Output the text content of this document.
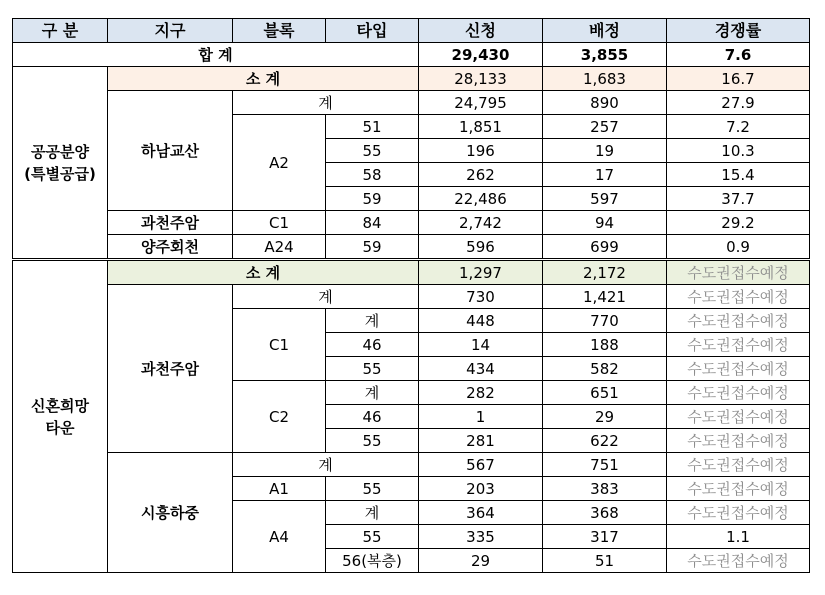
구 분	지구	블록	타입	신청	배정	경쟁률
합 계				29,430	3,855	7.6

공공분양
(특별공급)	소 계			28,133	1,683	16.7
	하남교산	계		24,795	890	27.9
		A2	51	1,851	257	7.2
			55	196	19	10.3
			58	262	17	15.4
			59	22,486	597	37.7
	과천주암	C1	84	2,742	94	29.2
	양주회천	A24	59	596	699	0.9

신혼희망
타운	소 계			1,297	2,172	수도권접수예정
	과천주암	계		730	1,421	수도권접수예정
		C1	계	448	770	수도권접수예정
			46	14	188	수도권접수예정
			55	434	582	수도권접수예정
		C2	계	282	651	수도권접수예정
			46	1	29	수도권접수예정
			55	281	622	수도권접수예정
	시흥하중	계		567	751	수도권접수예정
		A1	55	203	383	수도권접수예정
		A4	계	364	368	수도권접수예정
			55	335	317	1.1
			56(복층)	29	51	수도권접수예정
